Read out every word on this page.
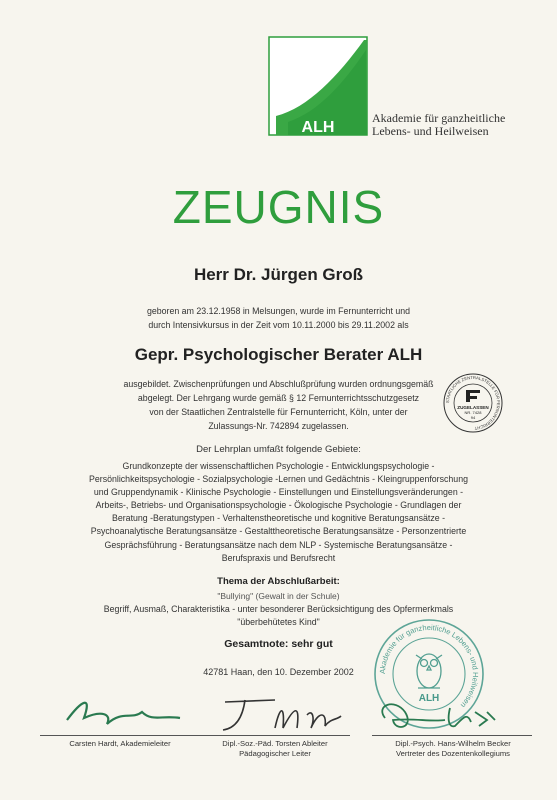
ALH
Akademie für ganzheitliche
Lebens- und Heilweisen
ZEUGNIS
Herr Dr. Jürgen Groß
geboren am 23.12.1958 in Melsungen, wurde im Fernunterricht und
durch Intensivkursus in der Zeit vom 10.11.2000 bis 29.11.2002 als
Gepr. Psychologischer Berater ALH
ausgebildet. Zwischenprüfungen und Abschlußprüfung wurden ordnungsgemäß
abgelegt. Der Lehrgang wurde gemäß § 12 Fernunterrichtsschutzgesetz
von der Staatlichen Zentralstelle für Fernunterricht, Köln, unter der
Zulassungs-Nr. 742894 zugelassen.
STAATLICHE ZENTRALSTELLE FÜR FERNUNTERRICHT
ZUGELASSEN
NR. 7428
94
Der Lehrplan umfaßt folgende Gebiete:
Grundkonzepte der wissenschaftlichen Psychologie - Entwicklungspsychologie -
Persönlichkeitspsychologie - Sozialpsychologie -Lernen und Gedächtnis - Kleingruppenforschung
und Gruppendynamik - Klinische Psychologie - Einstellungen und Einstellungsveränderungen -
Arbeits-, Betriebs- und Organisationspsychologie - Ökologische Psychologie - Grundlagen der
Beratung -Beratungstypen - Verhaltenstheoretische und kognitive Beratungsansätze -
Psychoanalytische Beratungsansätze - Gestalttheoretische Beratungsansätze - Personzentrierte
Gesprächsführung - Beratungsansätze nach dem NLP - Systemische Beratungsansätze -
Berufspraxis und Berufsrecht
Thema der Abschlußarbeit:
"Bullying" (Gewalt in der Schule)
Begriff, Ausmaß, Charakteristika - unter besonderer Berücksichtigung des Opfermerkmals
"überbehütetes Kind"
Gesamtnote: sehr gut
42781 Haan, den 10. Dezember 2002	Akademie für ganzheitliche Lebens- und Heilweisen
ALH
Carsten Hardt, Akademieleiter	Dipl.-Soz.-Päd. Torsten Ableiter
Pädagogischer Leiter
Dipl.-Psych. Hans-Wilhelm Becker
Vertreter des Dozentenkollegiums
